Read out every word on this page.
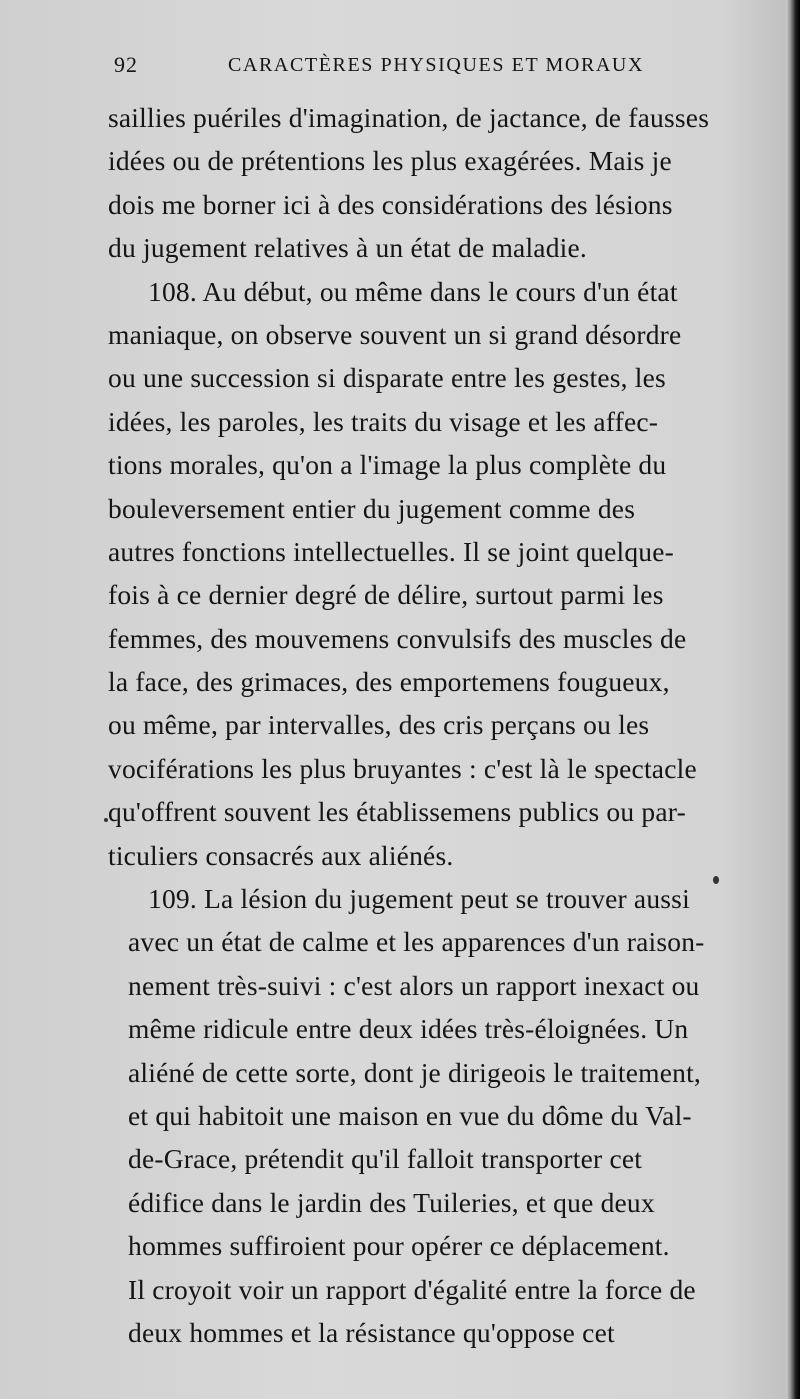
92	CARACTÈRES PHYSIQUES ET MORAUX
saillies puériles d'imagination, de jactance, de fausses
idées ou de prétentions les plus exagérées. Mais je
dois me borner ici à des considérations des lésions
du jugement relatives à un état de maladie.
108. Au début, ou même dans le cours d'un état
maniaque, on observe souvent un si grand désordre
ou une succession si disparate entre les gestes, les
idées, les paroles, les traits du visage et les affec-
tions morales, qu'on a l'image la plus complète du
bouleversement entier du jugement comme des
autres fonctions intellectuelles. Il se joint quelque-
fois à ce dernier degré de délire, surtout parmi les
femmes, des mouvemens convulsifs des muscles de
la face, des grimaces, des emportemens fougueux,
ou même, par intervalles, des cris perçans ou les
vociférations les plus bruyantes : c'est là le spectacle
qu'offrent souvent les établissemens publics ou par-
ticuliers consacrés aux aliénés.
109. La lésion du jugement peut se trouver aussi
avec un état de calme et les apparences d'un raison-
nement très-suivi : c'est alors un rapport inexact ou
même ridicule entre deux idées très-éloignées. Un
aliéné de cette sorte, dont je dirigeois le traitement,
et qui habitoit une maison en vue du dôme du Val-
de-Grace, prétendit qu'il falloit transporter cet
édifice dans le jardin des Tuileries, et que deux
hommes suffiroient pour opérer ce déplacement.
Il croyoit voir un rapport d'égalité entre la force de
deux hommes et la résistance qu'oppose cet
